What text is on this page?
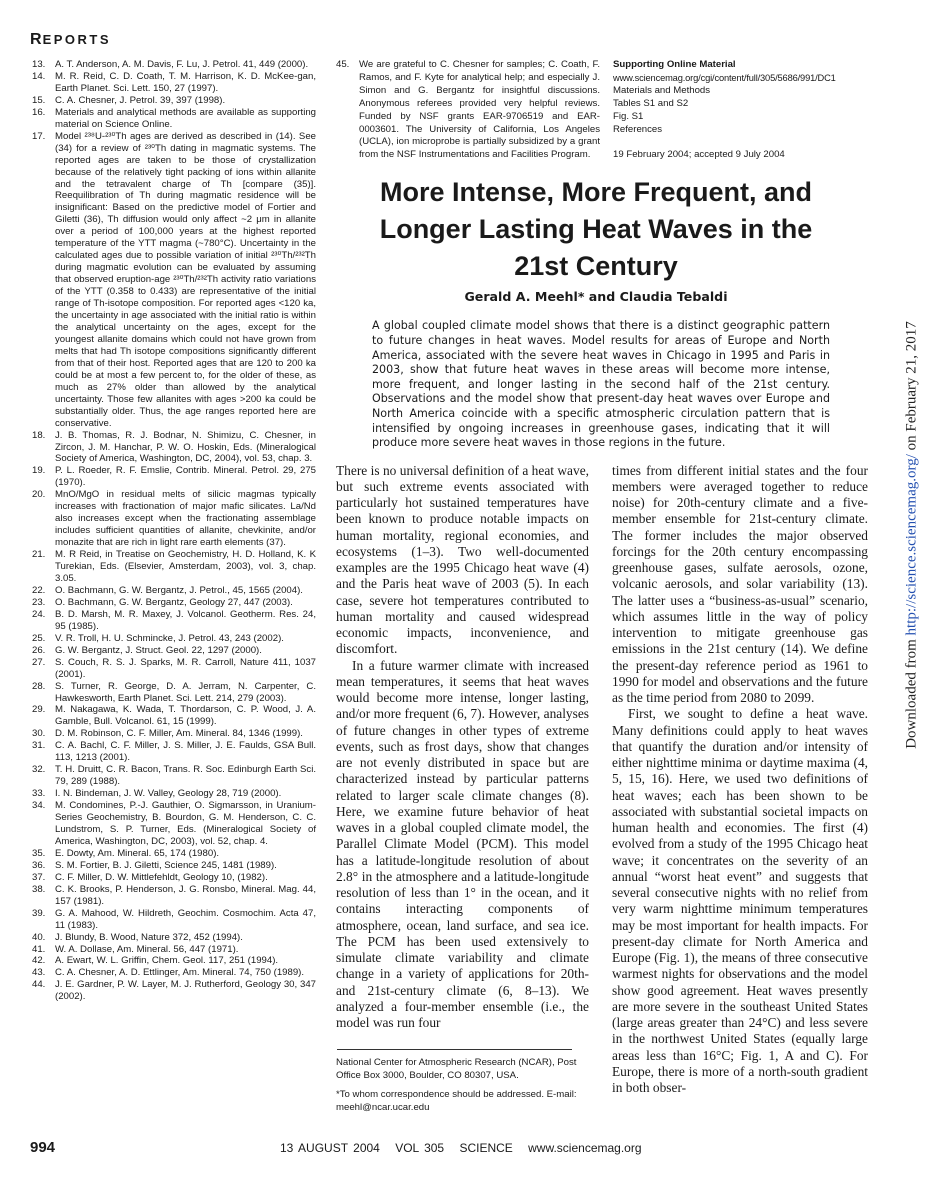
REPORTS
13.	A. T. Anderson, A. M. Davis, F. Lu, J. Petrol. 41, 449 (2000).
14.	M. R. Reid, C. D. Coath, T. M. Harrison, K. D. McKee-gan, Earth Planet. Sci. Lett. 150, 27 (1997).
15.	C. A. Chesner, J. Petrol. 39, 397 (1998).
16.	Materials and analytical methods are available as supporting material on Science Online.
17.	Model ²³⁸U-²³⁰Th ages are derived as described in (14). See (34) for a review of ²³⁰Th dating in magmatic systems. The reported ages are taken to be those of crystallization because of the relatively tight packing of ions within allanite and the tetravalent charge of Th [compare (35)]. Reequilibration of Th during magmatic residence will be insignificant: Based on the predictive model of Fortier and Giletti (36), Th diffusion would only affect ~2 μm in allanite over a period of 100,000 years at the highest reported temperature of the YTT magma (~780°C). Uncertainty in the calculated ages due to possible variation of initial ²³⁰Th/²³²Th during magmatic evolution can be evaluated by assuming that observed eruption-age ²³⁰Th/²³²Th activity ratio variations of the YTT (0.358 to 0.433) are representative of the initial range of Th-isotope composition. For reported ages <120 ka, the uncertainty in age associated with the initial ratio is within the analytical uncertainty on the ages, except for the youngest allanite domains which could not have grown from melts that had Th isotope compositions significantly different from that of their host. Reported ages that are 120 to 200 ka could be at most a few percent to, for the older of these, as much as 27% older than allowed by the analytical uncertainty. Those few allanites with ages >200 ka could be substantially older. Thus, the age ranges reported here are conservative.
18.	J. B. Thomas, R. J. Bodnar, N. Shimizu, C. Chesner, in Zircon, J. M. Hanchar, P. W. O. Hoskin, Eds. (Mineralogical Society of America, Washington, DC, 2004), vol. 53, chap. 3.
19.	P. L. Roeder, R. F. Emslie, Contrib. Mineral. Petrol. 29, 275 (1970).
20.	MnO/MgO in residual melts of silicic magmas typically increases with fractionation of major mafic silicates. La/Nd also increases except when the fractionating assemblage includes sufficient quantities of allanite, chevkinite, and/or monazite that are rich in light rare earth elements (37).
21.	M. R Reid, in Treatise on Geochemistry, H. D. Holland, K. K Turekian, Eds. (Elsevier, Amsterdam, 2003), vol. 3, chap. 3.05.
22.	O. Bachmann, G. W. Bergantz, J. Petrol., 45, 1565 (2004).
23.	O. Bachmann, G. W. Bergantz, Geology 27, 447 (2003).
24.	B. D. Marsh, M. R. Maxey, J. Volcanol. Geotherm. Res. 24, 95 (1985).
25.	V. R. Troll, H. U. Schmincke, J. Petrol. 43, 243 (2002).
26.	G. W. Bergantz, J. Struct. Geol. 22, 1297 (2000).
27.	S. Couch, R. S. J. Sparks, M. R. Carroll, Nature 411, 1037 (2001).
28.	S. Turner, R. George, D. A. Jerram, N. Carpenter, C. Hawkesworth, Earth Planet. Sci. Lett. 214, 279 (2003).
29.	M. Nakagawa, K. Wada, T. Thordarson, C. P. Wood, J. A. Gamble, Bull. Volcanol. 61, 15 (1999).
30.	D. M. Robinson, C. F. Miller, Am. Mineral. 84, 1346 (1999).
31.	C. A. Bachl, C. F. Miller, J. S. Miller, J. E. Faulds, GSA Bull. 113, 1213 (2001).
32.	T. H. Druitt, C. R. Bacon, Trans. R. Soc. Edinburgh Earth Sci. 79, 289 (1988).
33.	I. N. Bindeman, J. W. Valley, Geology 28, 719 (2000).
34.	M. Condomines, P.-J. Gauthier, O. Sigmarsson, in Uranium-Series Geochemistry, B. Bourdon, G. M. Henderson, C. C. Lundstrom, S. P. Turner, Eds. (Mineralogical Society of America, Washington, DC, 2003), vol. 52, chap. 4.
35.	E. Dowty, Am. Mineral. 65, 174 (1980).
36.	S. M. Fortier, B. J. Giletti, Science 245, 1481 (1989).
37.	C. F. Miller, D. W. Mittlefehldt, Geology 10, (1982).
38.	C. K. Brooks, P. Henderson, J. G. Ronsbo, Mineral. Mag. 44, 157 (1981).
39.	G. A. Mahood, W. Hildreth, Geochim. Cosmochim. Acta 47, 11 (1983).
40.	J. Blundy, B. Wood, Nature 372, 452 (1994).
41.	W. A. Dollase, Am. Mineral. 56, 447 (1971).
42.	A. Ewart, W. L. Griffin, Chem. Geol. 117, 251 (1994).
43.	C. A. Chesner, A. D. Ettlinger, Am. Mineral. 74, 750 (1989).
44.	J. E. Gardner, P. W. Layer, M. J. Rutherford, Geology 30, 347 (2002).
45.	We are grateful to C. Chesner for samples; C. Coath, F. Ramos, and F. Kyte for analytical help; and especially J. Simon and G. Bergantz for insightful discussions. Anonymous referees provided very helpful reviews. Funded by NSF grants EAR-9706519 and EAR-0003601. The University of California, Los Angeles (UCLA), ion microprobe is partially subsidized by a grant from the NSF Instrumentations and Facilities Program.
Supporting Online Material
www.sciencemag.org/cgi/content/full/305/5686/991/DC1
Materials and Methods
Tables S1 and S2
Fig. S1
References
19 February 2004; accepted 9 July 2004
More Intense, More Frequent, and Longer Lasting Heat Waves in the 21st Century
Gerald A. Meehl* and Claudia Tebaldi
A global coupled climate model shows that there is a distinct geographic pattern to future changes in heat waves. Model results for areas of Europe and North America, associated with the severe heat waves in Chicago in 1995 and Paris in 2003, show that future heat waves in these areas will become more intense, more frequent, and longer lasting in the second half of the 21st century. Observations and the model show that present-day heat waves over Europe and North America coincide with a specific atmospheric circulation pattern that is intensified by ongoing increases in greenhouse gases, indicating that it will produce more severe heat waves in those regions in the future.

There is no universal definition of a heat wave, but such extreme events associated with particularly hot sustained temperatures have been known to produce notable impacts on human mortality, regional economies, and ecosystems (1–3). Two well-documented examples are the 1995 Chicago heat wave (4) and the Paris heat wave of 2003 (5). In each case, severe hot temperatures contributed to human mortality and caused widespread economic impacts, inconvenience, and discomfort.

In a future warmer climate with increased mean temperatures, it seems that heat waves would become more intense, longer lasting, and/or more frequent (6, 7). However, analyses of future changes in other types of extreme events, such as frost days, show that changes are not evenly distributed in space but are characterized instead by particular patterns related to larger scale climate changes (8). Here, we examine future behavior of heat waves in a global coupled climate model, the Parallel Climate Model (PCM). This model has a latitude-longitude resolution of about 2.8° in the atmosphere and a latitude-longitude resolution of less than 1° in the ocean, and it contains interacting components of atmosphere, ocean, land surface, and sea ice. The PCM has been used extensively to simulate climate variability and climate change in a variety of applications for 20th- and 21st-century climate (6, 8–13). We analyzed a four-member ensemble (i.e., the model was run four

National Center for Atmospheric Research (NCAR), Post Office Box 3000, Boulder, CO 80307, USA.

*To whom correspondence should be addressed. E-mail: meehl@ncar.ucar.edu

times from different initial states and the four members were averaged together to reduce noise) for 20th-century climate and a five-member ensemble for 21st-century climate. The former includes the major observed forcings for the 20th century encompassing greenhouse gases, sulfate aerosols, ozone, volcanic aerosols, and solar variability (13). The latter uses a “business-as-usual” scenario, which assumes little in the way of policy intervention to mitigate greenhouse gas emissions in the 21st century (14). We define the present-day reference period as 1961 to 1990 for model and observations and the future as the time period from 2080 to 2099.

First, we sought to define a heat wave. Many definitions could apply to heat waves that quantify the duration and/or intensity of either nighttime minima or daytime maxima (4, 5, 15, 16). Here, we used two definitions of heat waves; each has been shown to be associated with substantial societal impacts on human health and economies. The first (4) evolved from a study of the 1995 Chicago heat wave; it concentrates on the severity of an annual “worst heat event” and suggests that several consecutive nights with no relief from very warm nighttime minimum temperatures may be most important for health impacts. For present-day climate for North America and Europe (Fig. 1), the means of three consecutive warmest nights for observations and the model show good agreement. Heat waves presently are more severe in the southeast United States (large areas greater than 24°C) and less severe in the northwest United States (equally large areas less than 16°C; Fig. 1, A and C). For Europe, there is more of a north-south gradient in both obser-

994	13 AUGUST 2004 VOL 305 SCIENCE www.sciencemag.org
Downloaded from http://science.sciencemag.org/ on February 21, 2017
